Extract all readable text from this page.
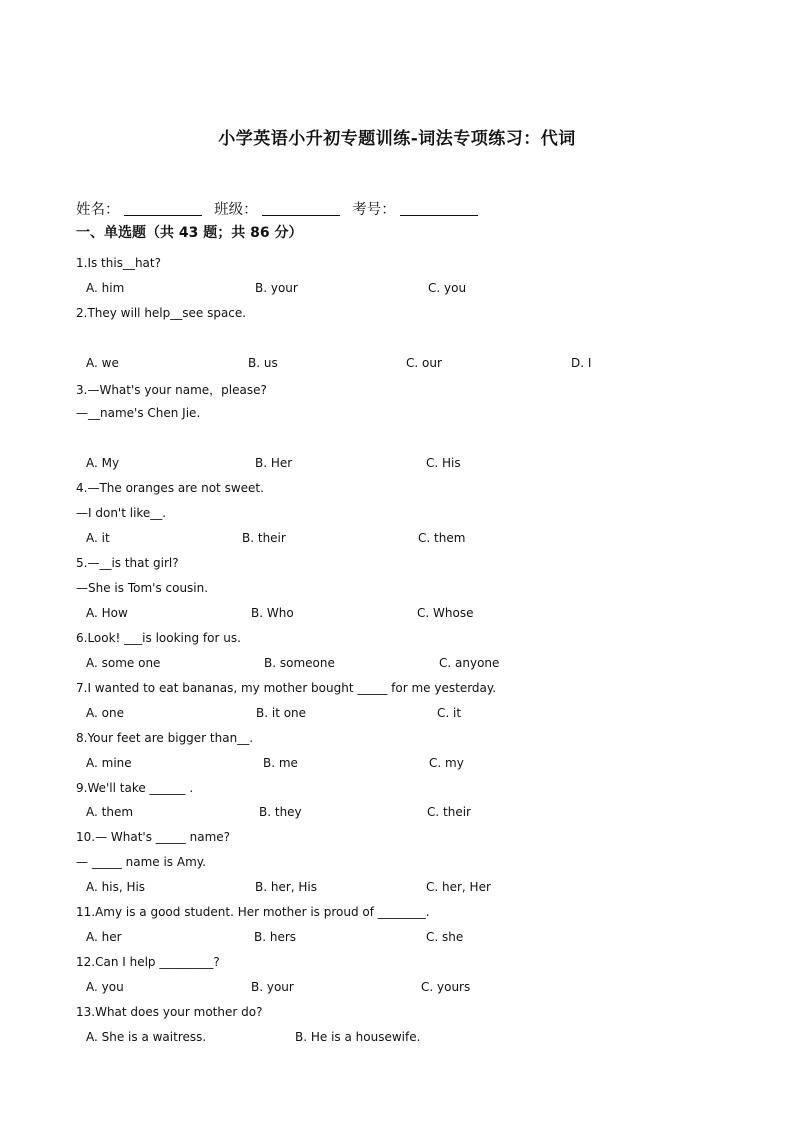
小学英语小升初专题训练-词法专项练习：代词
姓名：	班级：	考号：
一、单选题（共 43 题；共 86 分）
1.Is this__hat?
A. him	B. your	C. you
2.They will help__see space.
A. we	B. us	C. our	D. I
3.—What's your name，please?
—__name's Chen Jie.
A. My	B. Her	C. His
4.—The oranges are not sweet.
—I don't like__.
A. it	B. their	C. them
5.—__is that girl?
—She is Tom's cousin.
A. How	B. Who	C. Whose
6.Look! ___is looking for us.
A. some one	B. someone	C. anyone
7.I wanted to eat bananas, my mother bought _____ for me yesterday.
A. one	B. it one	C. it
8.Your feet are bigger than__.
A. mine	B. me	C. my
9.We'll take ______ .
A. them	B. they	C. their
10.— What's _____ name?
— _____ name is Amy.
A. his, His	B. her, His	C. her, Her
11.Amy is a good student. Her mother is proud of ________.
A. her	B. hers	C. she
12.Can I help _________?
A. you	B. your	C. yours
13.What does your mother do?
A. She is a waitress.	B. He is a housewife.
